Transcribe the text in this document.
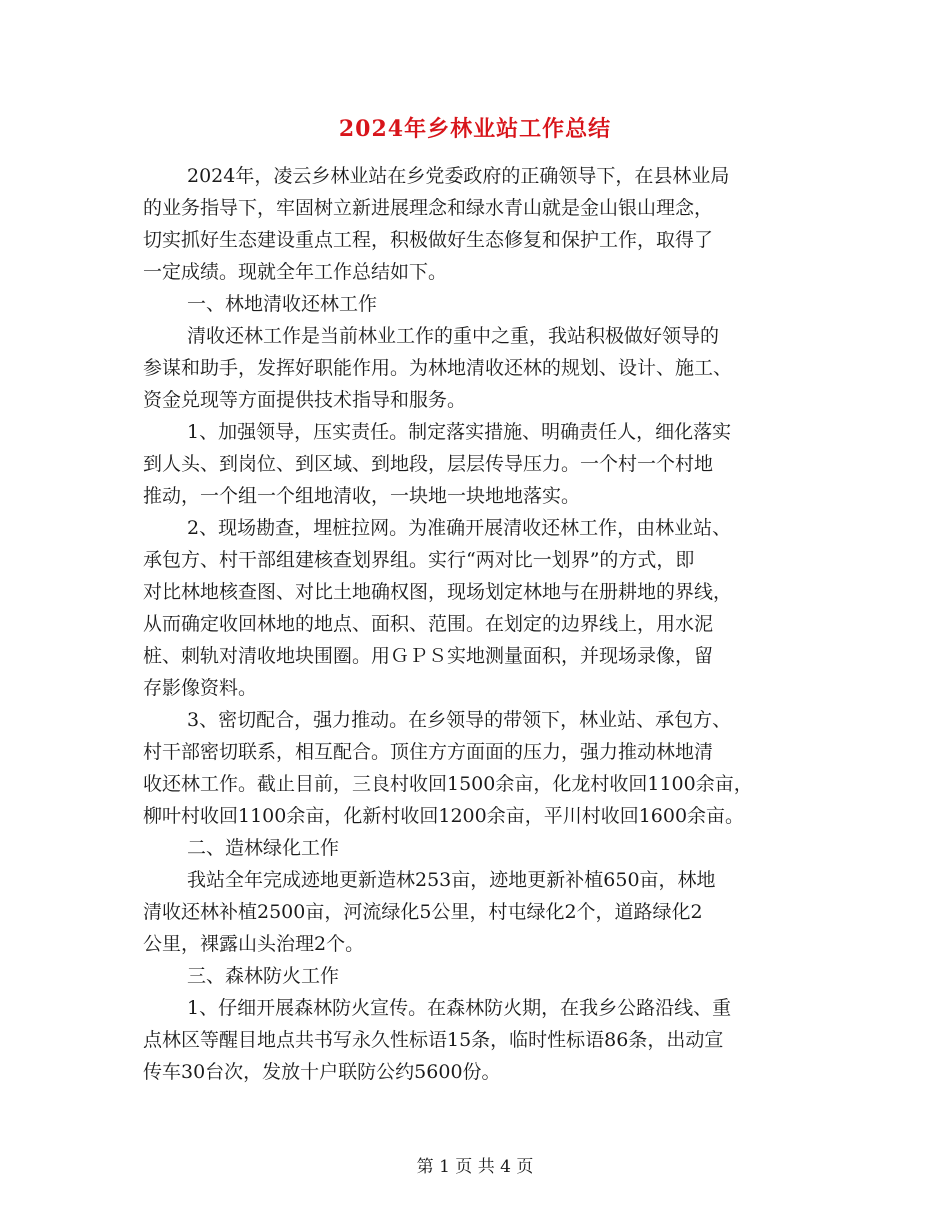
2024年乡林业站工作总结
2024年，凌云乡林业站在乡党委政府的正确领导下，在县林业局
的业务指导下，牢固树立新进展理念和绿水青山就是金山银山理念，
切实抓好生态建设重点工程，积极做好生态修复和保护工作，取得了
一定成绩。现就全年工作总结如下。
一、林地清收还林工作
清收还林工作是当前林业工作的重中之重，我站积极做好领导的
参谋和助手，发挥好职能作用。为林地清收还林的规划、设计、施工、
资金兑现等方面提供技术指导和服务。
1、加强领导，压实责任。制定落实措施、明确责任人，细化落实
到人头、到岗位、到区域、到地段，层层传导压力。一个村一个村地
推动，一个组一个组地清收，一块地一块地地落实。
2、现场勘查，埋桩拉网。为准确开展清收还林工作，由林业站、
承包方、村干部组建核查划界组。实行“两对比一划界”的方式，即
对比林地核查图、对比土地确权图，现场划定林地与在册耕地的界线，
从而确定收回林地的地点、面积、范围。在划定的边界线上，用水泥
桩、刺轨对清收地块围圈。用ＧＰＳ实地测量面积，并现场录像，留
存影像资料。
3、密切配合，强力推动。在乡领导的带领下，林业站、承包方、
村干部密切联系，相互配合。顶住方方面面的压力，强力推动林地清
收还林工作。截止目前，三良村收回1500余亩，化龙村收回1100余亩，
柳叶村收回1100余亩，化新村收回1200余亩，平川村收回1600余亩。
二、造林绿化工作
我站全年完成迹地更新造林253亩，迹地更新补植650亩，林地
清收还林补植2500亩，河流绿化5公里，村屯绿化2个，道路绿化2
公里，裸露山头治理2个。
三、森林防火工作
1、仔细开展森林防火宣传。在森林防火期，在我乡公路沿线、重
点林区等醒目地点共书写永久性标语15条，临时性标语86条，出动宣
传车30台次，发放十户联防公约5600份。
第 1 页 共 4 页
